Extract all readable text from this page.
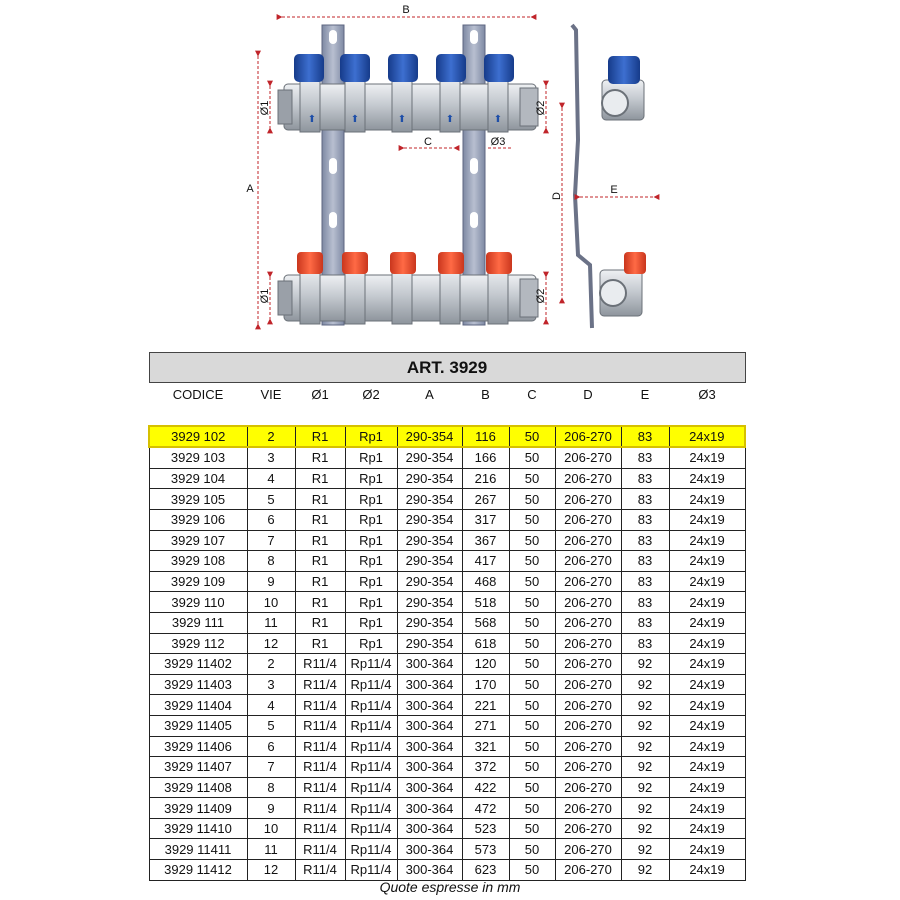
⬆	⬆	⬆	⬆	⬆
B
A
Ø1
Ø1
Ø2
Ø2
D
C	Ø3
E
ART. 3929									
CODICE	VIE	Ø1	Ø2	A	B	C	D	E	Ø3

3929 102	2	R1	Rp1	290-354	116	50	206-270	83	24x19
3929 103	3	R1	Rp1	290-354	166	50	206-270	83	24x19
3929 104	4	R1	Rp1	290-354	216	50	206-270	83	24x19
3929 105	5	R1	Rp1	290-354	267	50	206-270	83	24x19
3929 106	6	R1	Rp1	290-354	317	50	206-270	83	24x19
3929 107	7	R1	Rp1	290-354	367	50	206-270	83	24x19
3929 108	8	R1	Rp1	290-354	417	50	206-270	83	24x19
3929 109	9	R1	Rp1	290-354	468	50	206-270	83	24x19
3929 110	10	R1	Rp1	290-354	518	50	206-270	83	24x19
3929 111	11	R1	Rp1	290-354	568	50	206-270	83	24x19
3929 112	12	R1	Rp1	290-354	618	50	206-270	83	24x19
3929 11402	2	R11/4	Rp11/4	300-364	120	50	206-270	92	24x19
3929 11403	3	R11/4	Rp11/4	300-364	170	50	206-270	92	24x19
3929 11404	4	R11/4	Rp11/4	300-364	221	50	206-270	92	24x19
3929 11405	5	R11/4	Rp11/4	300-364	271	50	206-270	92	24x19
3929 11406	6	R11/4	Rp11/4	300-364	321	50	206-270	92	24x19
3929 11407	7	R11/4	Rp11/4	300-364	372	50	206-270	92	24x19
3929 11408	8	R11/4	Rp11/4	300-364	422	50	206-270	92	24x19
3929 11409	9	R11/4	Rp11/4	300-364	472	50	206-270	92	24x19
3929 11410	10	R11/4	Rp11/4	300-364	523	50	206-270	92	24x19
3929 11411	11	R11/4	Rp11/4	300-364	573	50	206-270	92	24x19
3929 11412	12	R11/4	Rp11/4	300-364	623	50	206-270	92	24x19
Quote espresse in mm
